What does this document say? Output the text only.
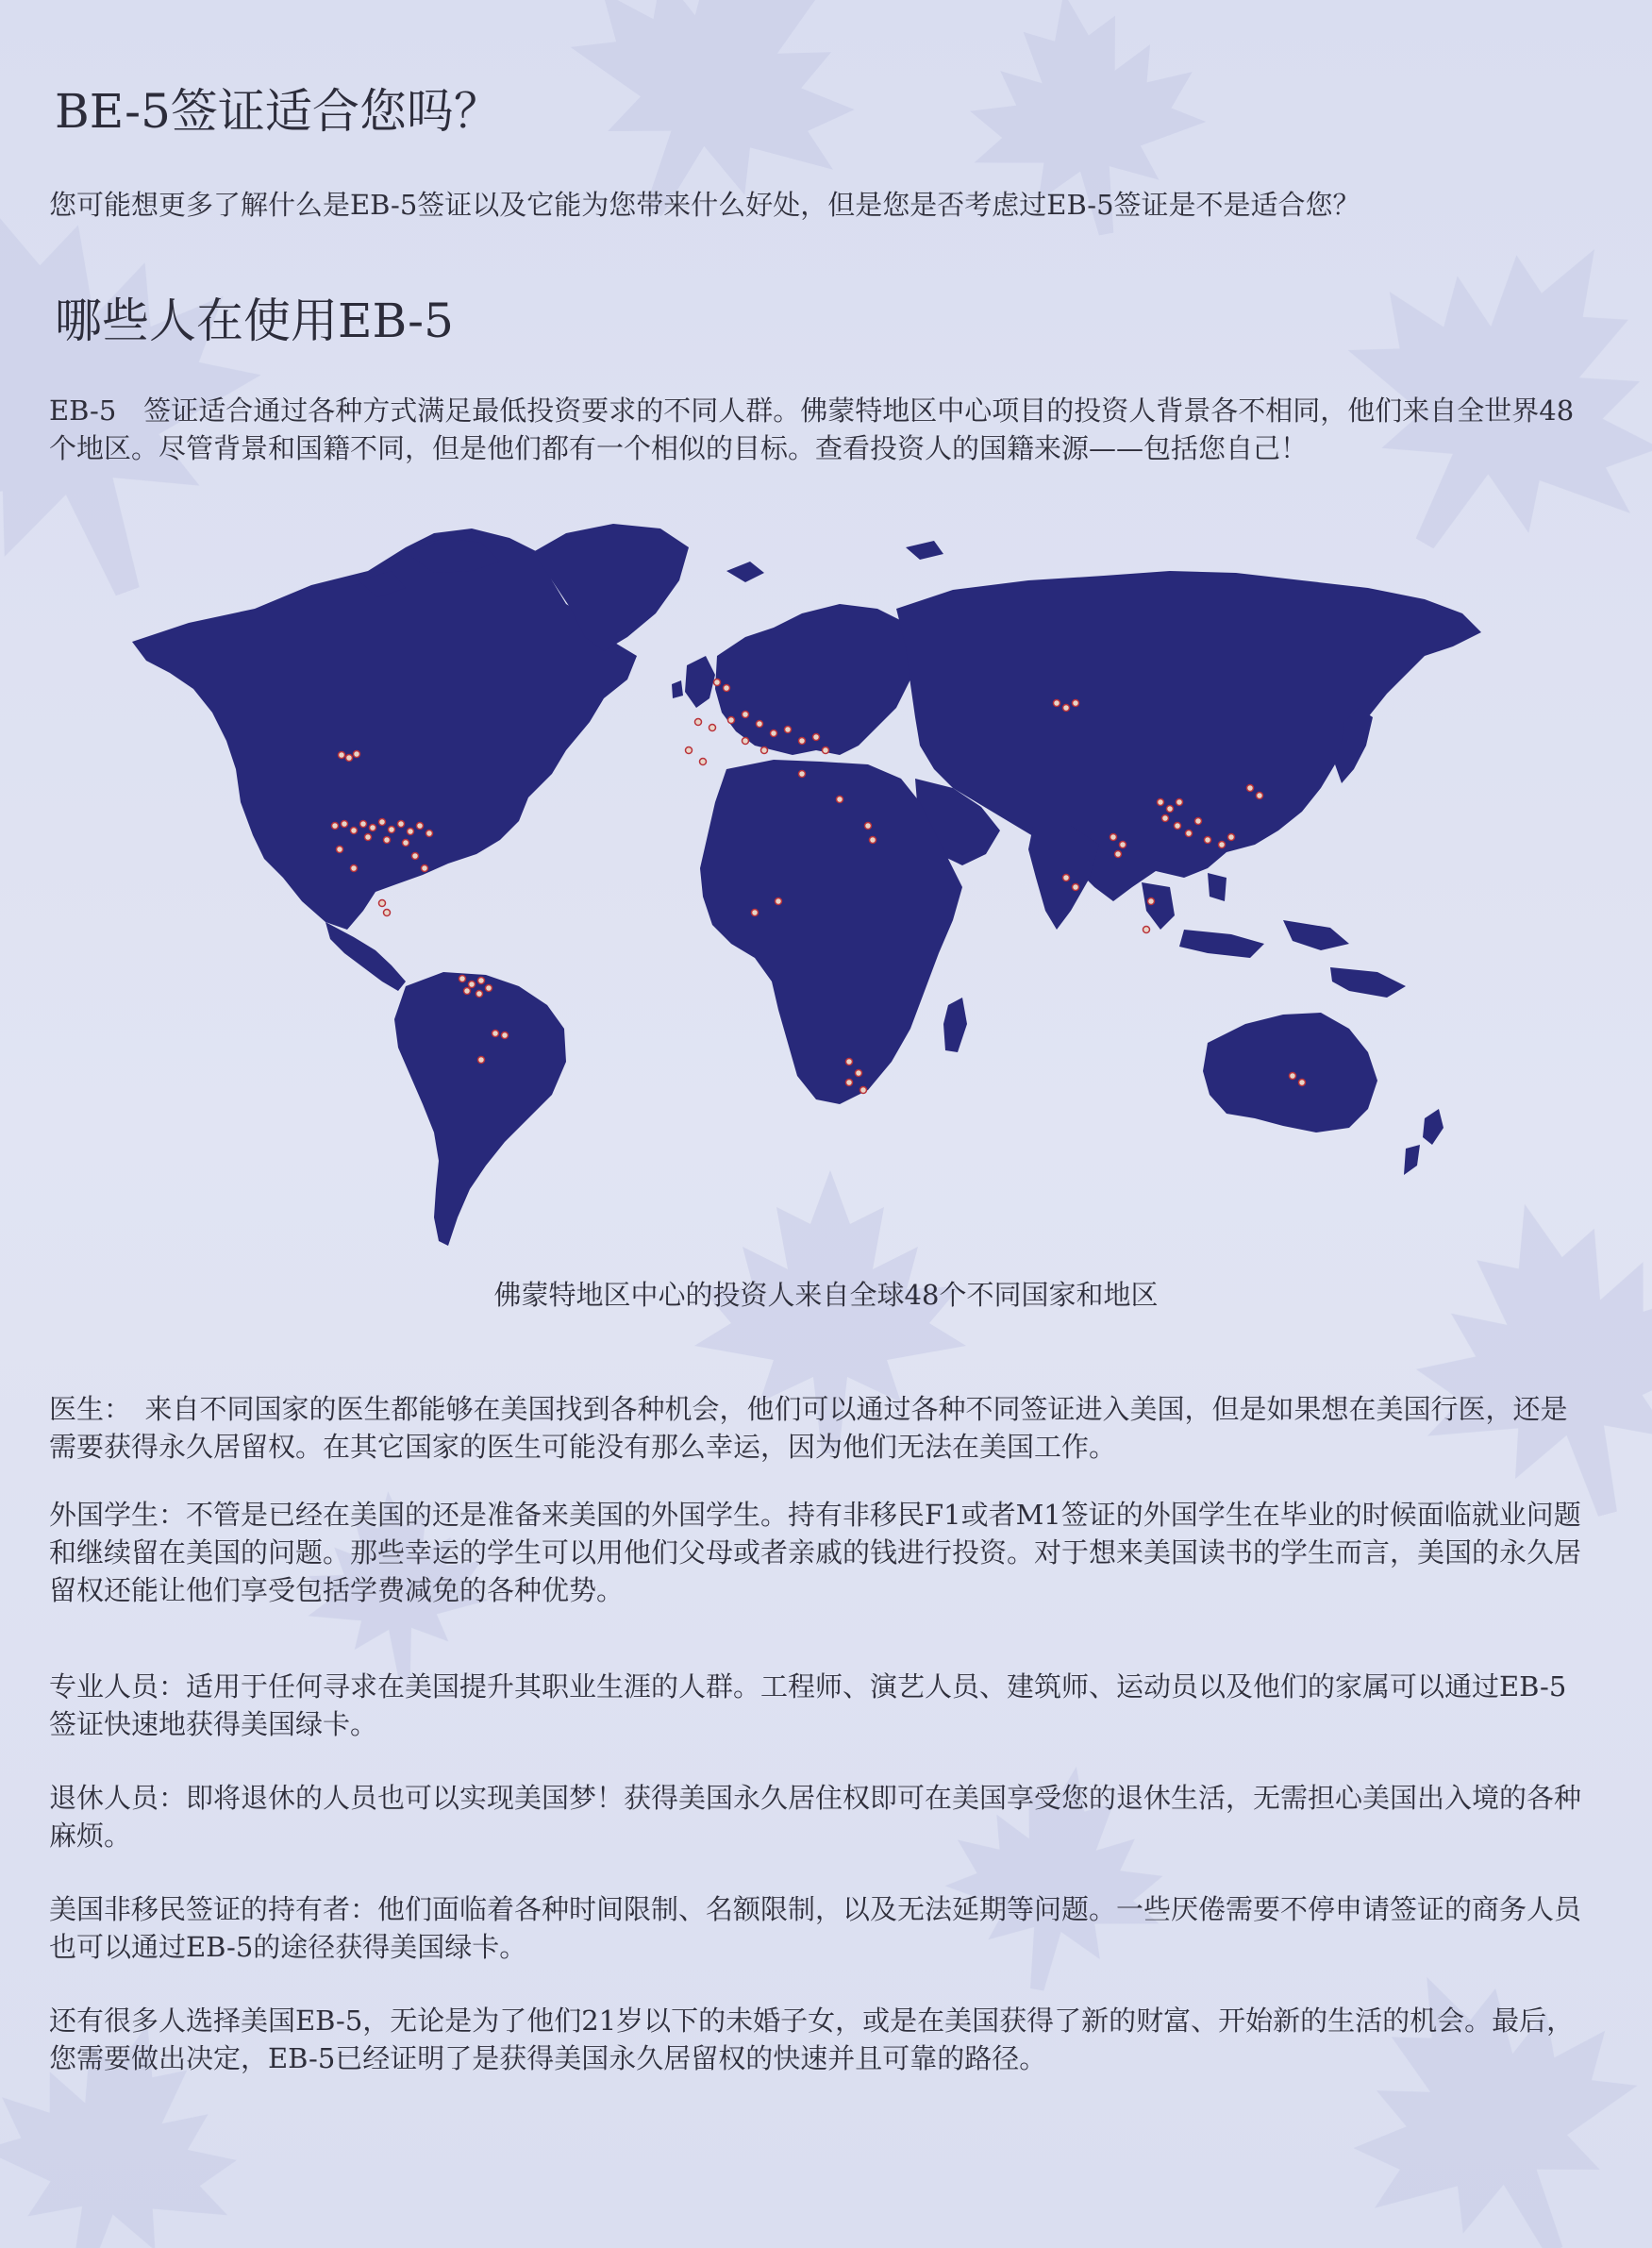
BE-5签证适合您吗？

您可能想更多了解什么是EB-5签证以及它能为您带来什么好处，但是您是否考虑过EB-5签证是不是适合您？

哪些人在使用EB-5

EB-5　签证适合通过各种方式满足最低投资要求的不同人群。佛蒙特地区中心项目的投资人背景各不相同，他们来自全世界48个地区。尽管背景和国籍不同，但是他们都有一个相似的目标。查看投资人的国籍来源——包括您自己！

佛蒙特地区中心的投资人来自全球48个不同国家和地区

医生：　来自不同国家的医生都能够在美国找到各种机会，他们可以通过各种不同签证进入美国，但是如果想在美国行医，还是需要获得永久居留权。在其它国家的医生可能没有那么幸运，因为他们无法在美国工作。

外国学生：不管是已经在美国的还是准备来美国的外国学生。持有非移民F1或者M1签证的外国学生在毕业的时候面临就业问题和继续留在美国的问题。那些幸运的学生可以用他们父母或者亲戚的钱进行投资。对于想来美国读书的学生而言，美国的永久居留权还能让他们享受包括学费减免的各种优势。

专业人员：适用于任何寻求在美国提升其职业生涯的人群。工程师、演艺人员、建筑师、运动员以及他们的家属可以通过EB-5签证快速地获得美国绿卡。

退休人员：即将退休的人员也可以实现美国梦！获得美国永久居住权即可在美国享受您的退休生活，无需担心美国出入境的各种麻烦。

美国非移民签证的持有者：他们面临着各种时间限制、名额限制，以及无法延期等问题。一些厌倦需要不停申请签证的商务人员也可以通过EB-5的途径获得美国绿卡。

还有很多人选择美国EB-5，无论是为了他们21岁以下的未婚子女，或是在美国获得了新的财富、开始新的生活的机会。最后，您需要做出决定，EB-5已经证明了是获得美国永久居留权的快速并且可靠的路径。
